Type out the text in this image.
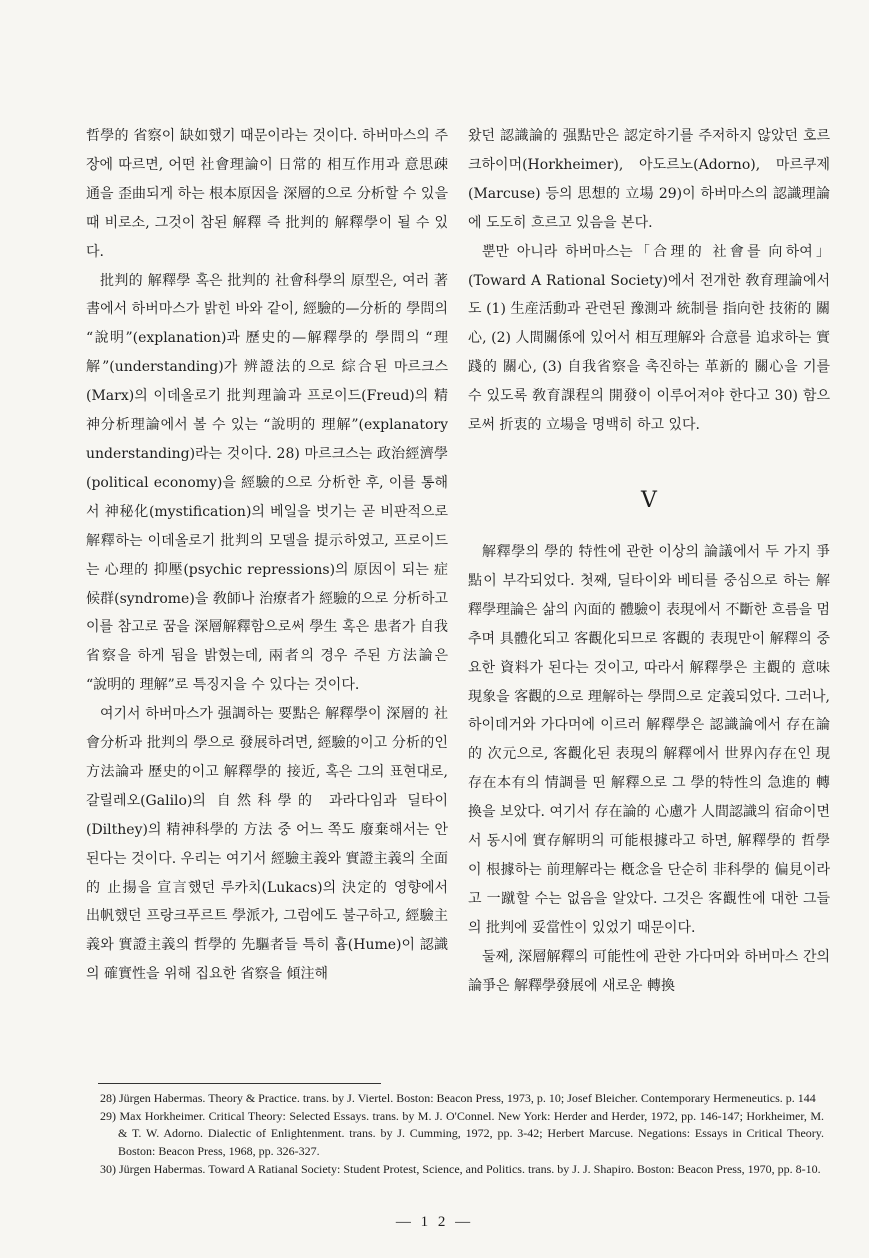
哲學的 省察이 缺如했기 때문이라는 것이다. 하버마스의 주장에 따르면, 어떤 社會理論이 日常的 相互作用과 意思疎通을 歪曲되게 하는 根本原因을 深層的으로 分析할 수 있을 때 비로소, 그것이 참된 解釋 즉 批判的 解釋學이 될 수 있다.

批判的 解釋學 혹은 批判的 社會科學의 原型은, 여러 著書에서 하버마스가 밝힌 바와 같이, 經驗的—分析的 學問의 “說明”(explanation)과 歷史的—解釋學的 學問의 “理解”(understanding)가 辨證法的으로 綜合된 마르크스(Marx)의 이데올로기 批判理論과 프로이드(Freud)의 精神分析理論에서 볼 수 있는 “說明的 理解”(explanatory understanding)라는 것이다. 28) 마르크스는 政治經濟學(political economy)을 經驗的으로 分析한 후, 이를 통해서 神秘化(mystification)의 베일을 벗기는 곧 비판적으로 解釋하는 이데올로기 批判의 모델을 提示하였고, 프로이드는 心理的 抑壓(psychic repressions)의 原因이 되는 症候群(syndrome)을 敎師나 治療者가 經驗的으로 分析하고 이를 참고로 꿈을 深層解釋함으로써 學生 혹은 患者가 自我省察을 하게 됨을 밝혔는데, 兩者의 경우 주된 方法論은 “說明的 理解”로 특징지을 수 있다는 것이다.

여기서 하버마스가 强調하는 要點은 解釋學이 深層的 社會分析과 批判의 學으로 發展하려면, 經驗的이고 分析的인 方法論과 歷史的이고 解釋學的 接近, 혹은 그의 표현대로, 갈릴레오(Galilo)의 自然科學的 과라다임과 딜타이(Dilthey)의 精神科學的 方法 중 어느 쪽도 廢棄해서는 안 된다는 것이다. 우리는 여기서 經驗主義와 實證主義의 全面的 止揚을 宣言했던 루카치(Lukacs)의 決定的 영향에서 出帆했던 프랑크푸르트 學派가, 그럼에도 불구하고, 經驗主義와 實證主義의 哲學的 先驅者들 특히 흄(Hume)이 認識의 確實性을 위해 집요한 省察을 傾注해

왔던 認識論的 强點만은 認定하기를 주저하지 않았던 호르크하이머(Horkheimer), 아도르노(Adorno), 마르쿠제(Marcuse) 등의 思想的 立場 29)이 하버마스의 認識理論에 도도히 흐르고 있음을 본다.

뿐만 아니라 하버마스는「合理的 社會를 向하여」(Toward A Rational Society)에서 전개한 敎育理論에서도 (1) 生産活動과 관련된 豫測과 統制를 指向한 技術的 關心, (2) 人間關係에 있어서 相互理解와 合意를 追求하는 實踐的 關心, (3) 自我省察을 촉진하는 革新的 關心을 기를 수 있도록 敎育課程의 開發이 이루어져야 한다고 30) 함으로써 折衷的 立場을 명백히 하고 있다.

V

解釋學의 學的 特性에 관한 이상의 論議에서 두 가지 爭點이 부각되었다. 첫째, 딜타이와 베티를 중심으로 하는 解釋學理論은 삶의 內面的 體驗이 表現에서 不斷한 흐름을 멈추며 具體化되고 客觀化되므로 客觀的 表現만이 解釋의 중요한 資料가 된다는 것이고, 따라서 解釋學은 主觀的 意味現象을 客觀的으로 理解하는 學問으로 定義되었다. 그러나, 하이데거와 가다머에 이르러 解釋學은 認識論에서 存在論的 次元으로, 客觀化된 表現의 解釋에서 世界內存在인 現存在本有의 情調를 띤 解釋으로 그 學的特性의 急進的 轉換을 보았다. 여기서 存在論的 心慮가 人間認識의 宿命이면서 동시에 實存解明의 可能根據라고 하면, 解釋學的 哲學이 根據하는 前理解라는 槪念을 단순히 非科學的 偏見이라고 一蹴할 수는 없음을 알았다. 그것은 客觀性에 대한 그들의 批判에 妥當性이 있었기 때문이다.

둘째, 深層解釋의 可能性에 관한 가다머와 하버마스 간의 論爭은 解釋學發展에 새로운 轉換

28) Jürgen Habermas. Theory & Practice. trans. by J. Viertel. Boston: Beacon Press, 1973, p. 10; Josef Bleicher. Contemporary Hermeneutics. p. 144

29) Max Horkheimer. Critical Theory: Selected Essays. trans. by M. J. O'Connel. New York: Herder and Herder, 1972, pp. 146-147; Horkheimer, M. & T. W. Adorno. Dialectic of Enlightenment. trans. by J. Cumming, 1972, pp. 3-42; Herbert Marcuse. Negations: Essays in Critical Theory. Boston: Beacon Press, 1968, pp. 326-327.

30) Jürgen Habermas. Toward A Ratianal Society: Student Protest, Science, and Politics. trans. by J. J. Shapiro. Boston: Beacon Press, 1970, pp. 8-10.

— 1 2 —
